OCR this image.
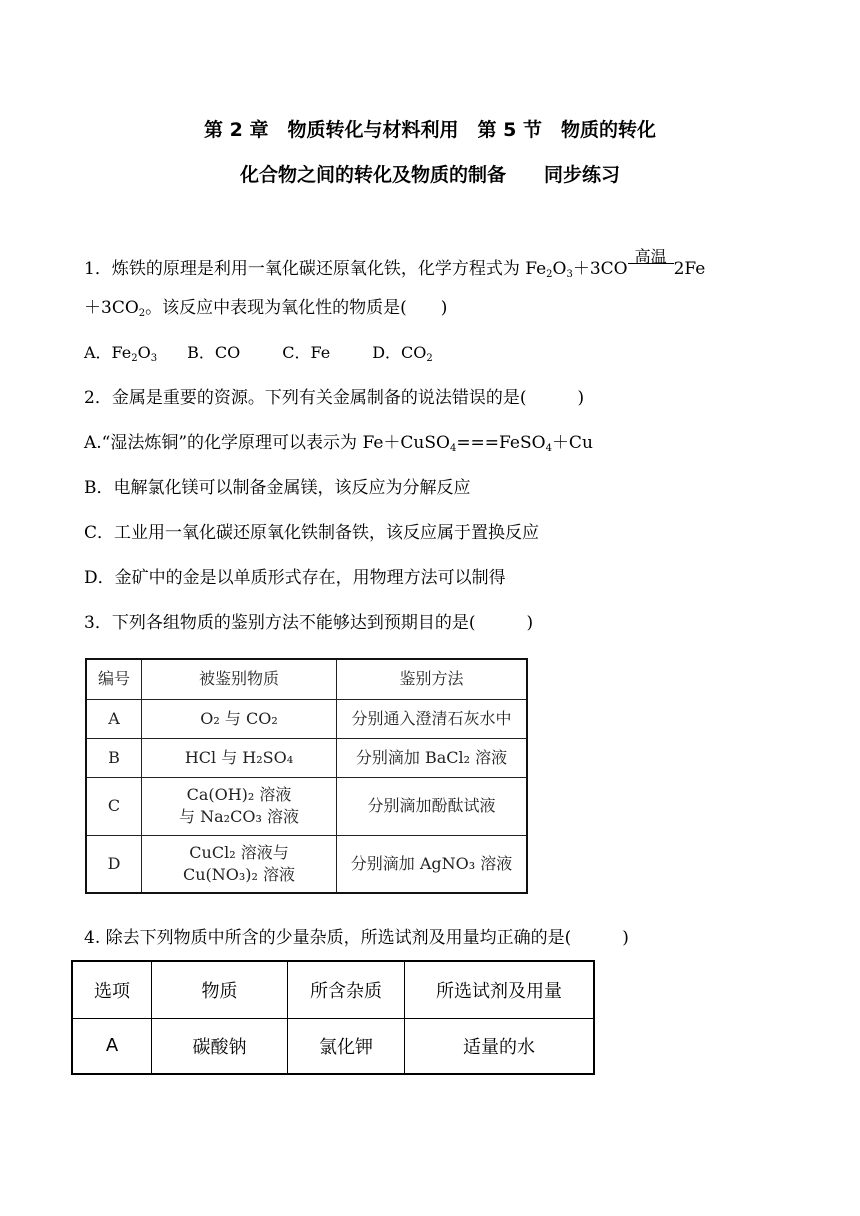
第 2 章　物质转化与材料利用　第 5 节　物质的转化
化合物之间的转化及物质的制备　　同步练习
1．炼铁的原理是利用一氧化碳还原氧化铁，化学方程式为 $Fe_2O_3+3CO$
高温
2Fe
$+3CO_2$。该反应中表现为氧化性的物质是(　　)
A．$Fe_2O_3$ B．CO	C．Fe	D．$CO_2$
2．金属是重要的资源。下列有关金属制备的说法错误的是(　　　)
A.“湿法炼铜”的化学原理可以表示为 Fe＋CuSO$_4$===FeSO$_4$＋Cu
B．电解氯化镁可以制备金属镁，该反应为分解反应
C．工业用一氧化碳还原氧化铁制备铁，该反应属于置换反应
D．金矿中的金是以单质形式存在，用物理方法可以制得
3．下列各组物质的鉴别方法不能够达到预期目的是(　　　)
编号	被鉴别物质	鉴别方法
A	O₂ 与 CO₂	分别通入澄清石灰水中
B	HCl 与 H₂SO₄	分别滴加 BaCl₂ 溶液
C	Ca(OH)₂ 溶液
与 Na₂CO₃ 溶液	分别滴加酚酞试液
D	CuCl₂ 溶液与
Cu(NO₃)₂ 溶液	分别滴加 AgNO₃ 溶液
4. 除去下列物质中所含的少量杂质，所选试剂及用量均正确的是(　　　)
选项	物质	所含杂质	所选试剂及用量
A	碳酸钠	氯化钾	适量的水
